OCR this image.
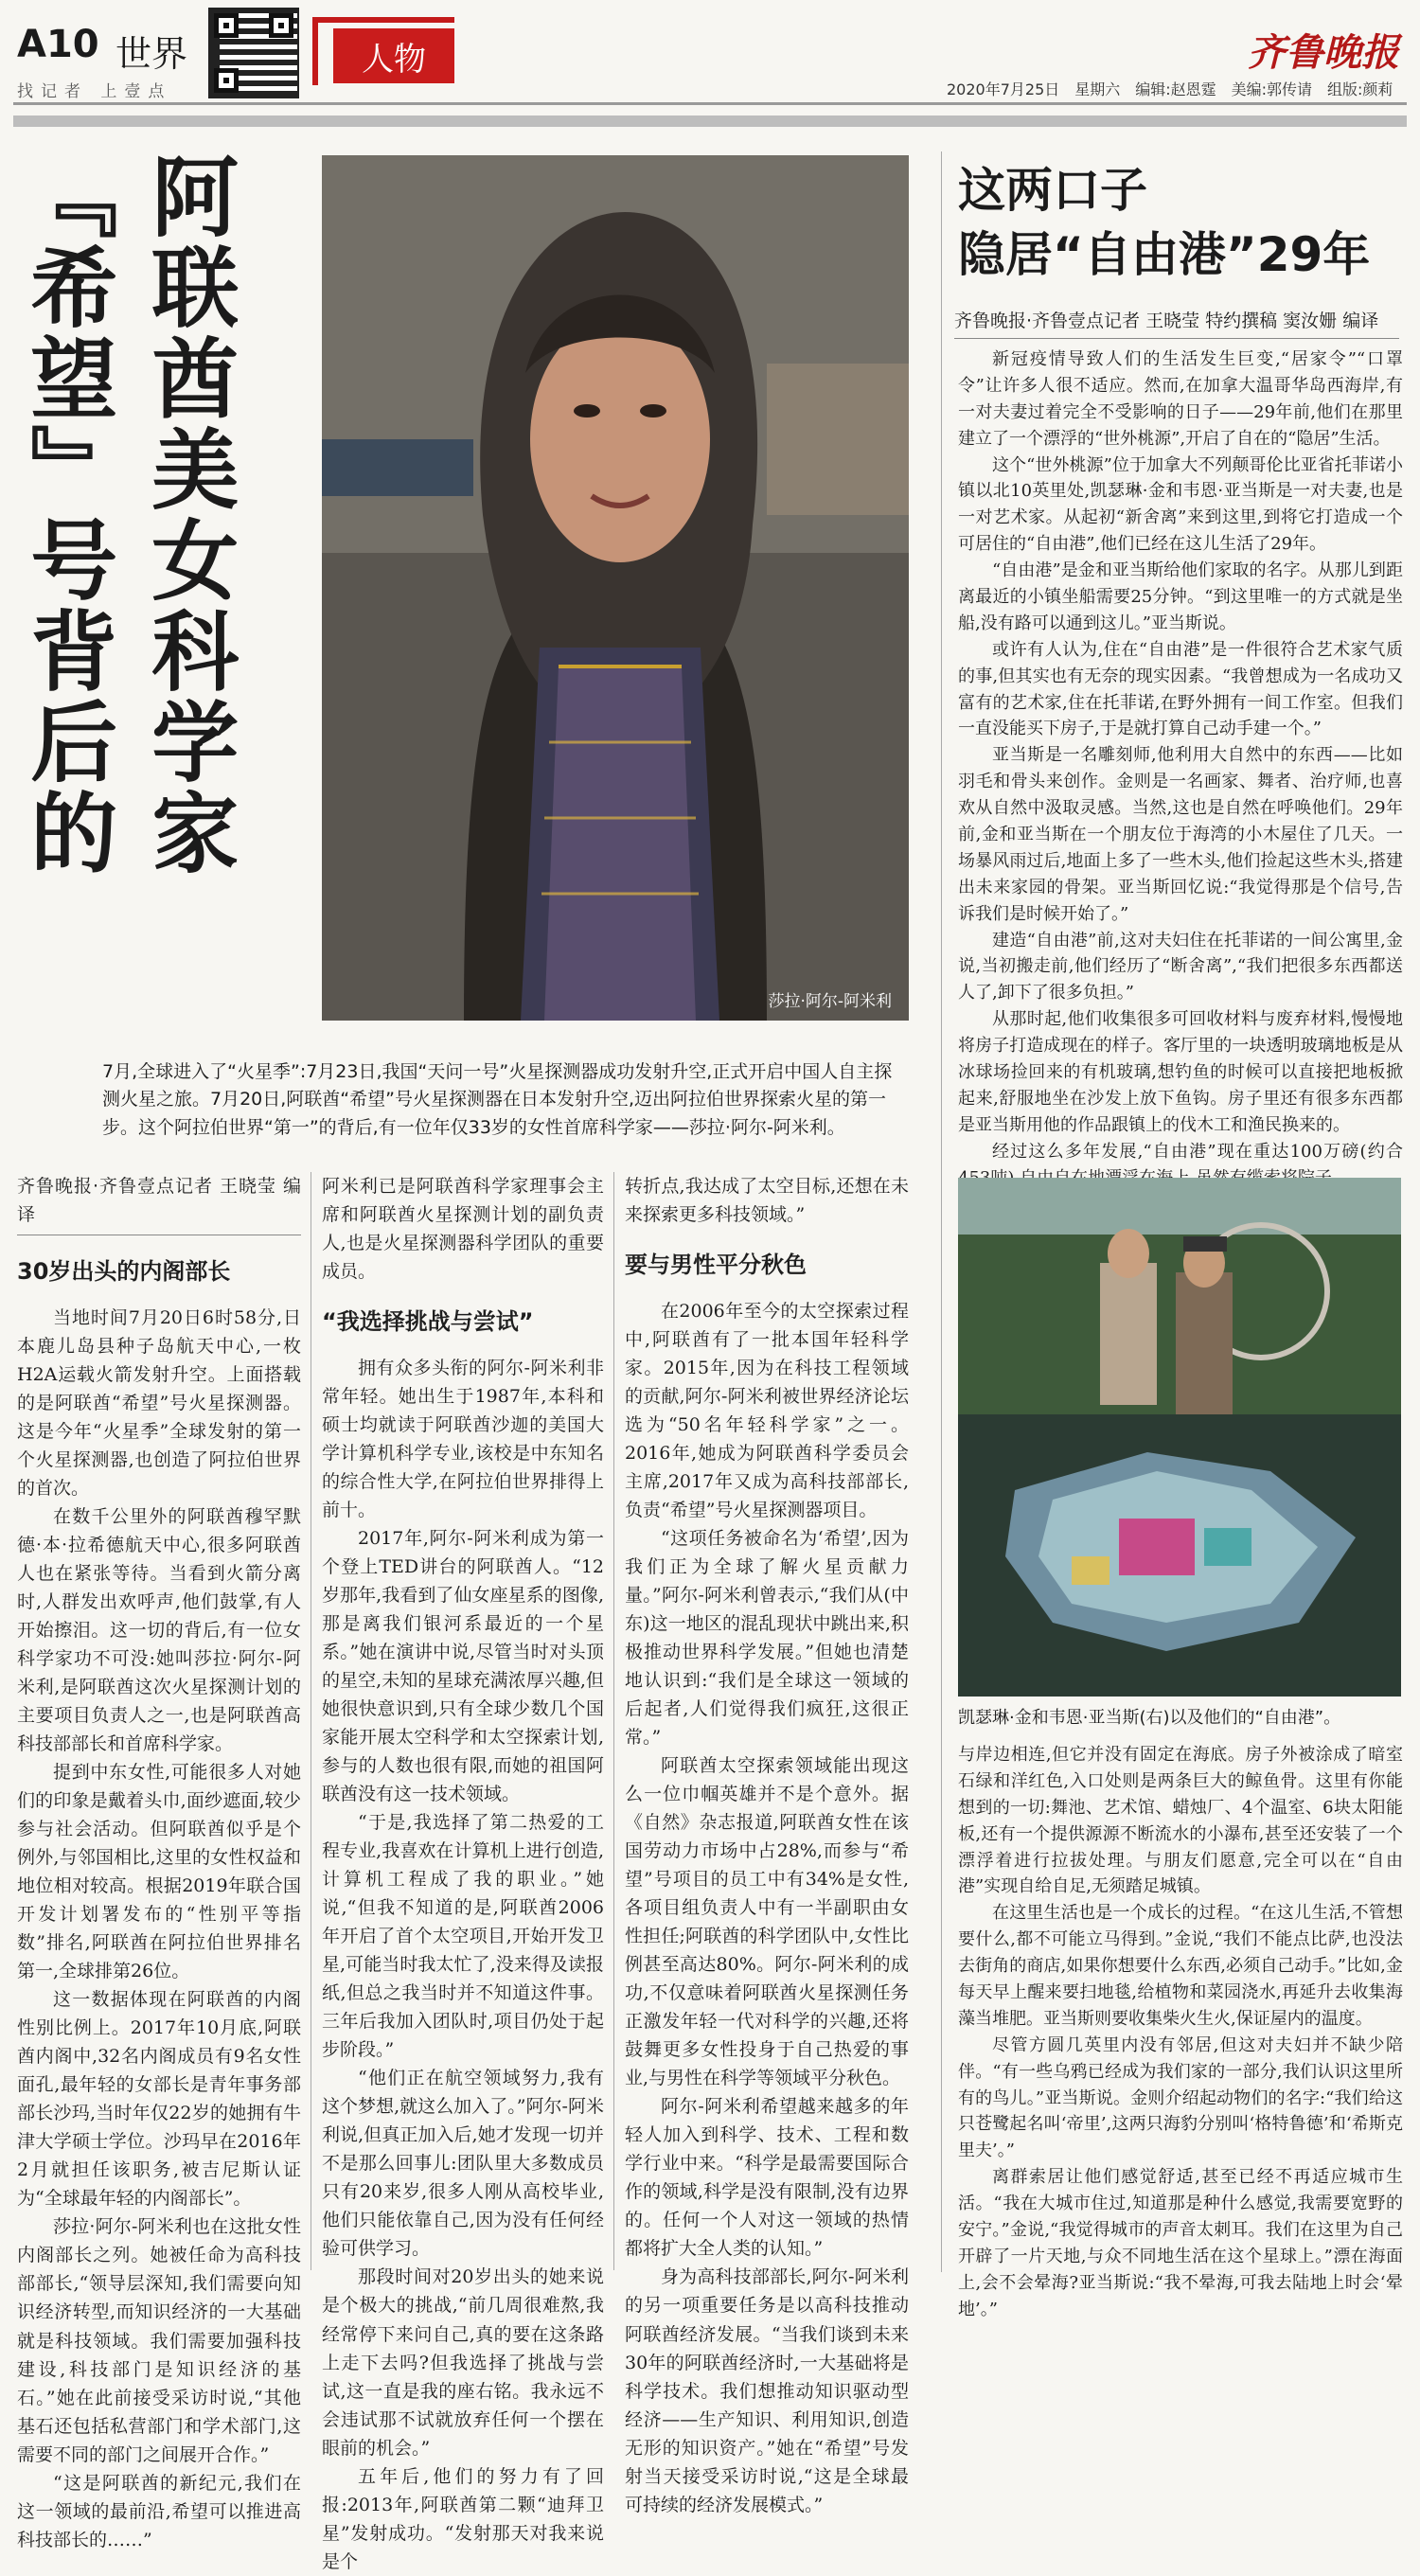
A10 世界
找记者 上壹点
人物	齐鲁晚报
2020年7月25日　星期六　编辑:赵恩霆　美编:郭传请　组版:颜莉
阿联酋美女科学家
『希望』号背后的
莎拉·阿尔-阿米利
7月,全球进入了“火星季”:7月23日,我国“天问一号”火星探测器成功发射升空,正式开启中国人自主探测火星之旅。7月20日,阿联酋“希望”号火星探测器在日本发射升空,迈出阿拉伯世界探索火星的第一步。这个阿拉伯世界“第一”的背后,有一位年仅33岁的女性首席科学家——莎拉·阿尔-阿米利。
齐鲁晚报·齐鲁壹点记者 王晓莹 编译
30岁出头的内阁部长

当地时间7月20日6时58分,日本鹿儿岛县种子岛航天中心,一枚H2A运载火箭发射升空。上面搭载的是阿联酋“希望”号火星探测器。这是今年“火星季”全球发射的第一个火星探测器,也创造了阿拉伯世界的首次。

在数千公里外的阿联酋穆罕默德·本·拉希德航天中心,很多阿联酋人也在紧张等待。当看到火箭分离时,人群发出欢呼声,他们鼓掌,有人开始擦泪。这一切的背后,有一位女科学家功不可没:她叫莎拉·阿尔-阿米利,是阿联酋这次火星探测计划的主要项目负责人之一,也是阿联酋高科技部部长和首席科学家。

提到中东女性,可能很多人对她们的印象是戴着头巾,面纱遮面,较少参与社会活动。但阿联酋似乎是个例外,与邻国相比,这里的女性权益和地位相对较高。根据2019年联合国开发计划署发布的“性别平等指数”排名,阿联酋在阿拉伯世界排名第一,全球排第26位。

这一数据体现在阿联酋的内阁性别比例上。2017年10月底,阿联酋内阁中,32名内阁成员有9名女性面孔,最年轻的女部长是青年事务部部长沙玛,当时年仅22岁的她拥有牛津大学硕士学位。沙玛早在2016年2月就担任该职务,被吉尼斯认证为“全球最年轻的内阁部长”。

莎拉·阿尔-阿米利也在这批女性内阁部长之列。她被任命为高科技部部长,“领导层深知,我们需要向知识经济转型,而知识经济的一大基础就是科技领域。我们需要加强科技建设,科技部门是知识经济的基石。”她在此前接受采访时说,“其他基石还包括私营部门和学术部门,这需要不同的部门之间展开合作。”

“这是阿联酋的新纪元,我们在这一领域的最前沿,希望可以推进高科技部长的……”

阿米利已是阿联酋科学家理事会主席和阿联酋火星探测计划的副负责人,也是火星探测器科学团队的重要成员。

“我选择挑战与尝试”

拥有众多头衔的阿尔-阿米利非常年轻。她出生于1987年,本科和硕士均就读于阿联酋沙迦的美国大学计算机科学专业,该校是中东知名的综合性大学,在阿拉伯世界排得上前十。

2017年,阿尔-阿米利成为第一个登上TED讲台的阿联酋人。“12岁那年,我看到了仙女座星系的图像,那是离我们银河系最近的一个星系。”她在演讲中说,尽管当时对头顶的星空,未知的星球充满浓厚兴趣,但她很快意识到,只有全球少数几个国家能开展太空科学和太空探索计划,参与的人数也很有限,而她的祖国阿联酋没有这一技术领域。

“于是,我选择了第二热爱的工程专业,我喜欢在计算机上进行创造,计算机工程成了我的职业。”她说,“但我不知道的是,阿联酋2006年开启了首个太空项目,开始开发卫星,可能当时我太忙了,没来得及读报纸,但总之我当时并不知道这件事。三年后我加入团队时,项目仍处于起步阶段。”

“他们正在航空领域努力,我有这个梦想,就这么加入了。”阿尔-阿米利说,但真正加入后,她才发现一切并不是那么回事儿:团队里大多数成员只有20来岁,很多人刚从高校毕业,他们只能依靠自己,因为没有任何经验可供学习。

那段时间对20岁出头的她来说是个极大的挑战,“前几周很难熬,我经常停下来问自己,真的要在这条路上走下去吗?但我选择了挑战与尝试,这一直是我的座右铭。我永远不会违试那不试就放弃任何一个摆在眼前的机会。”

五年后,他们的努力有了回报:2013年,阿联酋第二颗“迪拜卫星”发射成功。“发射那天对我来说是个

转折点,我达成了太空目标,还想在未来探索更多科技领域。”

要与男性平分秋色

在2006年至今的太空探索过程中,阿联酋有了一批本国年轻科学家。2015年,因为在科技工程领域的贡献,阿尔-阿米利被世界经济论坛选为“50名年轻科学家”之一。2016年,她成为阿联酋科学委员会主席,2017年又成为高科技部部长,负责“希望”号火星探测器项目。

“这项任务被命名为‘希望’,因为我们正为全球了解火星贡献力量。”阿尔-阿米利曾表示,“我们从(中东)这一地区的混乱现状中跳出来,积极推动世界科学发展。”但她也清楚地认识到:“我们是全球这一领域的后起者,人们觉得我们疯狂,这很正常。”

阿联酋太空探索领域能出现这么一位巾帼英雄并不是个意外。据《自然》杂志报道,阿联酋女性在该国劳动力市场中占28%,而参与“希望”号项目的员工中有34%是女性,各项目组负责人中有一半副职由女性担任;阿联酋的科学团队中,女性比例甚至高达80%。阿尔-阿米利的成功,不仅意味着阿联酋火星探测任务正激发年轻一代对科学的兴趣,还将鼓舞更多女性投身于自己热爱的事业,与男性在科学等领域平分秋色。

阿尔-阿米利希望越来越多的年轻人加入到科学、技术、工程和数学行业中来。“科学是最需要国际合作的领域,科学是没有限制,没有边界的。任何一个人对这一领域的热情都将扩大全人类的认知。”

身为高科技部部长,阿尔-阿米利的另一项重要任务是以高科技推动阿联酋经济发展。“当我们谈到未来30年的阿联酋经济时,一大基础将是科学技术。我们想推动知识驱动型经济——生产知识、利用知识,创造无形的知识资产。”她在“希望”号发射当天接受采访时说,“这是全球最可持续的经济发展模式。”

这两口子
隐居“自由港”29年
齐鲁晚报·齐鲁壹点记者 王晓莹 特约撰稿 窦汝姗 编译

新冠疫情导致人们的生活发生巨变,“居家令”“口罩令”让许多人很不适应。然而,在加拿大温哥华岛西海岸,有一对夫妻过着完全不受影响的日子——29年前,他们在那里建立了一个漂浮的“世外桃源”,开启了自在的“隐居”生活。

这个“世外桃源”位于加拿大不列颠哥伦比亚省托菲诺小镇以北10英里处,凯瑟琳·金和韦恩·亚当斯是一对夫妻,也是一对艺术家。从起初“新舍离”来到这里,到将它打造成一个可居住的“自由港”,他们已经在这儿生活了29年。

“自由港”是金和亚当斯给他们家取的名字。从那儿到距离最近的小镇坐船需要25分钟。“到这里唯一的方式就是坐船,没有路可以通到这儿。”亚当斯说。

或许有人认为,住在“自由港”是一件很符合艺术家气质的事,但其实也有无奈的现实因素。“我曾想成为一名成功又富有的艺术家,住在托菲诺,在野外拥有一间工作室。但我们一直没能买下房子,于是就打算自己动手建一个。”

亚当斯是一名雕刻师,他利用大自然中的东西——比如羽毛和骨头来创作。金则是一名画家、舞者、治疗师,也喜欢从自然中汲取灵感。当然,这也是自然在呼唤他们。29年前,金和亚当斯在一个朋友位于海湾的小木屋住了几天。一场暴风雨过后,地面上多了一些木头,他们捡起这些木头,搭建出未来家园的骨架。亚当斯回忆说:“我觉得那是个信号,告诉我们是时候开始了。”

建造“自由港”前,这对夫妇住在托菲诺的一间公寓里,金说,当初搬走前,他们经历了“断舍离”,“我们把很多东西都送人了,卸下了很多负担。”

从那时起,他们收集很多可回收材料与废弃材料,慢慢地将房子打造成现在的样子。客厅里的一块透明玻璃地板是从冰球场捡回来的有机玻璃,想钓鱼的时候可以直接把地板掀起来,舒服地坐在沙发上放下鱼钩。房子里还有很多东西都是亚当斯用他的作品跟镇上的伐木工和渔民换来的。

经过这么多年发展,“自由港”现在重达100万磅(约合

凯瑟琳·金和韦恩·亚当斯(右)以及他们的“自由港”。

与岸边相连,但它并没有固定在海底。房子外被涂成了暗室石绿和洋红色,入口处则是两条巨大的鲸鱼骨。这里有你能想到的一切:舞池、艺术馆、蜡烛厂、4个温室、6块太阳能板,还有一个提供源源不断流水的小瀑布,甚至还安装了一个漂浮着进行拉拔处理。与朋友们愿意,完全可以在“自由港”实现自给自足,无须踏足城镇。

在这里生活也是一个成长的过程。“在这儿生活,不管想要什么,都不可能立马得到。”金说,“我们不能点比萨,也没法去街角的商店,如果你想要什么东西,必须自己动手。”比如,金每天早上醒来要扫地毯,给植物和菜园浇水,再延升去收集海藻当堆肥。亚当斯则要收集柴火生火,保证屋内的温度。

尽管方圆几英里内没有邻居,但这对夫妇并不缺少陪伴。“有一些乌鸦已经成为我们家的一部分,我们认识这里所有的鸟儿。”亚当斯说。金则介绍起动物们的名字:“我们给这只苍鹭起名叫‘帝里’,这两只海豹分别叫‘格特鲁德’和‘希斯克里夫’。”

离群索居让他们感觉舒适,甚至已经不再适应城市生活。“我在大城市住过,知道那是种什么感觉,我需要宽野的安宁。”金说,“我觉得城市的声音太刺耳。我们在这里为自己开辟了一片天地,与众不同地生活在这个星球上。”漂在海面上,会不会晕海?亚当斯说:“我不晕海,可我去陆地上时会‘晕地’。”
